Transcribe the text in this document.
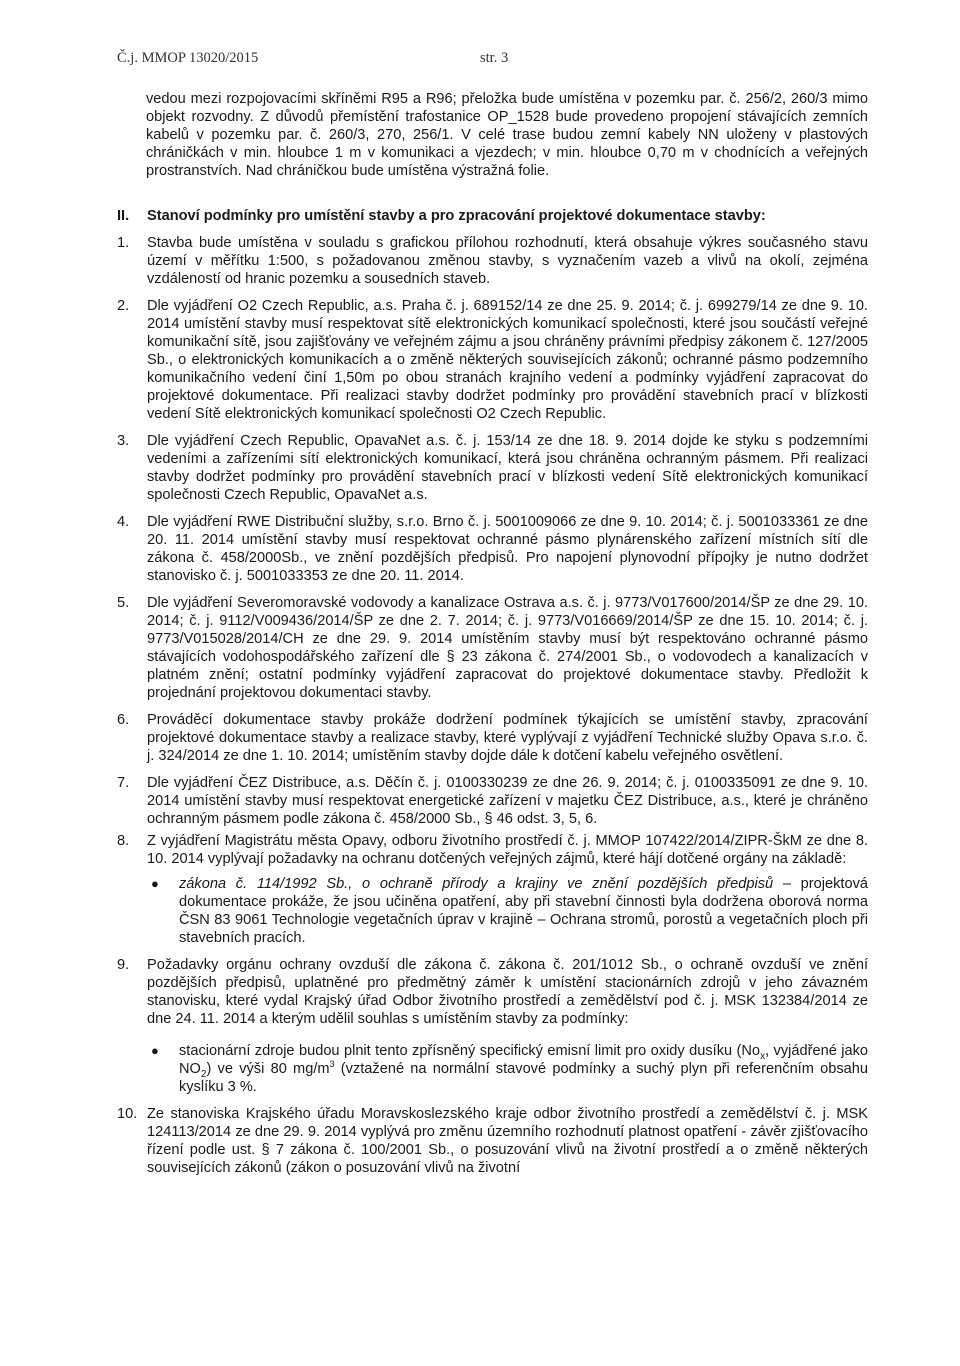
Č.j. MMOP 13020/2015	str. 3

vedou mezi rozpojovacími skříněmi R95 a R96; přeložka bude umístěna v pozemku par. č. 256/2, 260/3 mimo objekt rozvodny. Z důvodů přemístění trafostanice OP_1528 bude provedeno propojení stávajících zemních kabelů v pozemku par. č. 260/3, 270, 256/1. V celé trase budou zemní kabely NN uloženy v plastových chráničkách v min. hloubce 1 m v komunikaci a vjezdech; v min. hloubce 0,70 m v chodnících a veřejných prostranstvích. Nad chráničkou bude umístěna výstražná folie.

II.	Stanoví podmínky pro umístění stavby a pro zpracování projektové dokumentace stavby:
1.	Stavba bude umístěna v souladu s grafickou přílohou rozhodnutí, která obsahuje výkres současného stavu území v měřítku 1:500, s požadovanou změnou stavby, s vyznačením vazeb a vlivů na okolí, zejména vzdáleností od hranic pozemku a sousedních staveb.
2.	Dle vyjádření O2 Czech Republic, a.s. Praha č. j. 689152/14 ze dne 25. 9. 2014; č. j. 699279/14 ze dne 9. 10. 2014 umístění stavby musí respektovat sítě elektronických komunikací společnosti, které jsou součástí veřejné komunikační sítě, jsou zajišťovány ve veřejném zájmu a jsou chráněny právními předpisy zákonem č. 127/2005 Sb., o elektronických komunikacích a o změně některých souvisejících zákonů; ochranné pásmo podzemního komunikačního vedení činí 1,50m po obou stranách krajního vedení a podmínky vyjádření zapracovat do projektové dokumentace. Při realizaci stavby dodržet podmínky pro provádění stavebních prací v blízkosti vedení Sítě elektronických komunikací společnosti O2 Czech Republic.
3.	Dle vyjádření Czech Republic, OpavaNet a.s. č. j. 153/14 ze dne 18. 9. 2014 dojde ke styku s podzemními vedeními a zařízeními sítí elektronických komunikací, která jsou chráněna ochranným pásmem. Při realizaci stavby dodržet podmínky pro provádění stavebních prací v blízkosti vedení Sítě elektronických komunikací společnosti Czech Republic, OpavaNet a.s.
4.	Dle vyjádření RWE Distribuční služby, s.r.o. Brno č. j. 5001009066 ze dne 9. 10. 2014; č. j. 5001033361 ze dne 20. 11. 2014 umístění stavby musí respektovat ochranné pásmo plynárenského zařízení místních sítí dle zákona č. 458/2000Sb., ve znění pozdějších předpisů. Pro napojení plynovodní přípojky je nutno dodržet stanovisko č. j. 5001033353 ze dne 20. 11. 2014.
5.	Dle vyjádření Severomoravské vodovody a kanalizace Ostrava a.s. č. j. 9773/V017600/2014/ŠP ze dne 29. 10. 2014; č. j. 9112/V009436/2014/ŠP ze dne 2. 7. 2014; č. j. 9773/V016669/2014/ŠP ze dne 15. 10. 2014; č. j. 9773/V015028/2014/CH ze dne 29. 9. 2014 umístěním stavby musí být respektováno ochranné pásmo stávajících vodohospodářského zařízení dle § 23 zákona č. 274/2001 Sb., o vodovodech a kanalizacích v platném znění; ostatní podmínky vyjádření zapracovat do projektové dokumentace stavby. Předložit k projednání projektovou dokumentaci stavby.
6.	Prováděcí dokumentace stavby prokáže dodržení podmínek týkajících se umístění stavby, zpracování projektové dokumentace stavby a realizace stavby, které vyplývají z vyjádření Technické služby Opava s.r.o. č. j. 324/2014 ze dne 1. 10. 2014; umístěním stavby dojde dále k dotčení kabelu veřejného osvětlení.
7.	Dle vyjádření ČEZ Distribuce, a.s. Děčín č. j. 0100330239 ze dne 26. 9. 2014; č. j. 0100335091 ze dne 9. 10. 2014 umístění stavby musí respektovat energetické zařízení v majetku ČEZ Distribuce, a.s., které je chráněno ochranným pásmem podle zákona č. 458/2000 Sb., § 46 odst. 3, 5, 6.
8.	Z vyjádření Magistrátu města Opavy, odboru životního prostředí č. j. MMOP 107422/2014/ZIPR-ŠkM ze dne 8. 10. 2014 vyplývají požadavky na ochranu dotčených veřejných zájmů, které hájí dotčené orgány na základě:
●	zákona č. 114/1992 Sb., o ochraně přírody a krajiny ve znění pozdějších předpisů – projektová dokumentace prokáže, že jsou učiněna opatření, aby při stavební činnosti byla dodržena oborová norma ČSN 83 9061 Technologie vegetačních úprav v krajině – Ochrana stromů, porostů a vegetačních ploch při stavebních pracích.
9.	Požadavky orgánu ochrany ovzduší dle zákona č. zákona č. 201/1012 Sb., o ochraně ovzduší ve znění pozdějších předpisů, uplatněné pro předmětný záměr k umístění stacionárních zdrojů v jeho závazném stanovisku, které vydal Krajský úřad Odbor životního prostředí a zemědělství pod č. j. MSK 132384/2014 ze dne 24. 11. 2014 a kterým udělil souhlas s umístěním stavby za podmínky:
●	stacionární zdroje budou plnit tento zpřísněný specifický emisní limit pro oxidy dusíku ($No_x$, vyjádřené jako $NO_2$) ve výši 80 $mg/m^3$ (vztažené na normální stavové podmínky a suchý plyn při referenčním obsahu kyslíku 3 %.
10. Ze stanoviska Krajského úřadu Moravskoslezského kraje odbor životního prostředí a zemědělství č. j. MSK 124113/2014 ze dne 29. 9. 2014 vyplývá pro změnu územního rozhodnutí platnost opatření - závěr zjišťovacího řízení podle ust. § 7 zákona č. 100/2001 Sb., o posuzování vlivů na životní prostředí a o změně některých souvisejících zákonů (zákon o posuzování vlivů na životní
